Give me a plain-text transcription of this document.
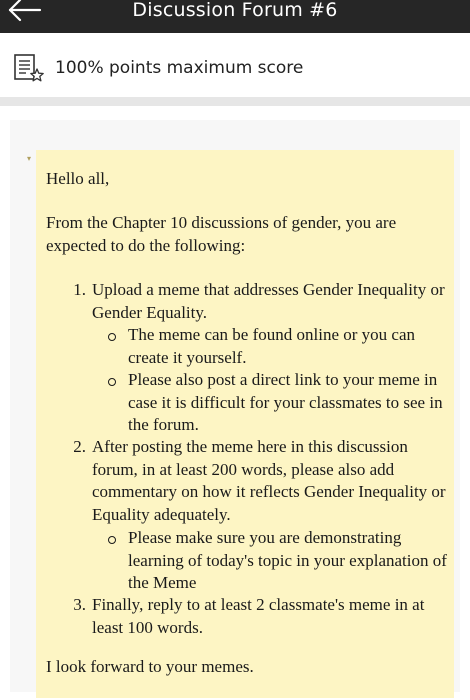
Discussion Forum #6
100% points maximum score
▾

Hello all,

From the Chapter 10 discussions of gender, you are expected to do the following:

1. Upload a meme that addresses Gender Inequality or Gender Equality.
The meme can be found online or you can create it yourself.
Please also post a direct link to your meme in case it is difficult for your classmates to see in the forum.
2. After posting the meme here in this discussion forum, in at least 200 words, please also add commentary on how it reflects Gender Inequality or Equality adequately.
Please make sure you are demonstrating learning of today's topic in your explanation of the Meme
3. Finally, reply to at least 2 classmate's meme in at least 100 words.

I look forward to your memes.
